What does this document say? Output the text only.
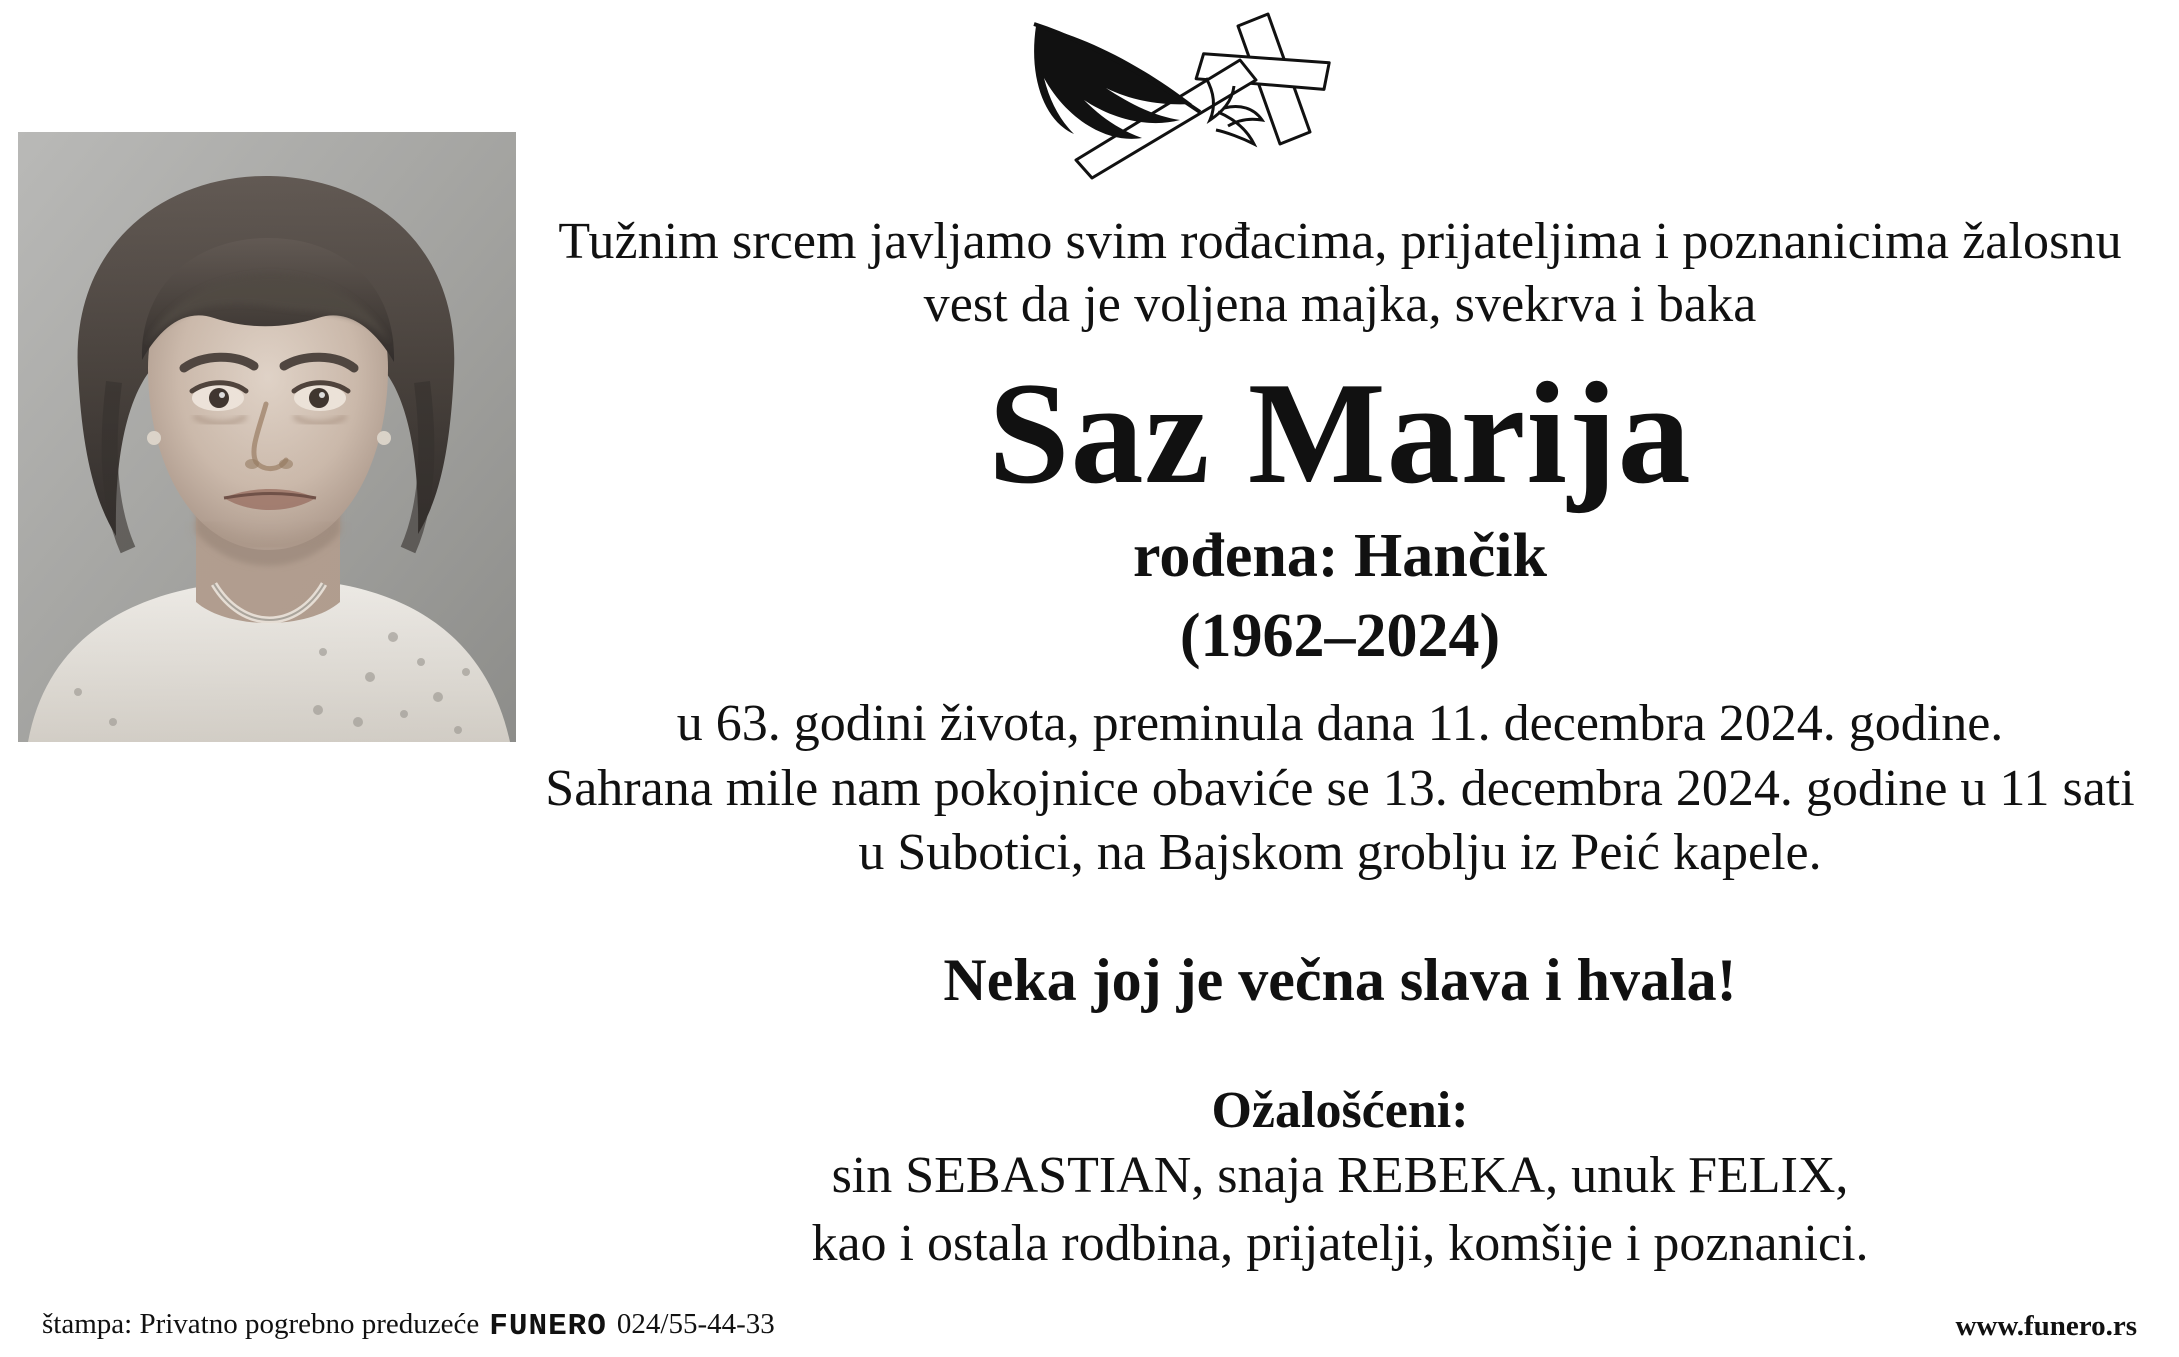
Tužnim srcem javljamo svim rođacima, prijateljima i poznanicima žalosnu vest da je voljena majka, svekrva i baka
Saz Marija
rođena: Hančik
(1962–2024)
u 63. godini života, preminula dana 11. decembra 2024. godine.
Sahrana mile nam pokojnice obaviće se 13. decembra 2024. godine u 11 sati
u Subotici, na Bajskom groblju iz Peić kapele.
Neka joj je večna slava i hvala!
Ožalošćeni:
sin SEBASTIAN, snaja REBEKA, unuk FELIX,
kao i ostala rodbina, prijatelji, komšije i poznanici.
štampa: Privatno pogrebno preduzeće FUNERO 024/55-44-33	www.funero.rs
